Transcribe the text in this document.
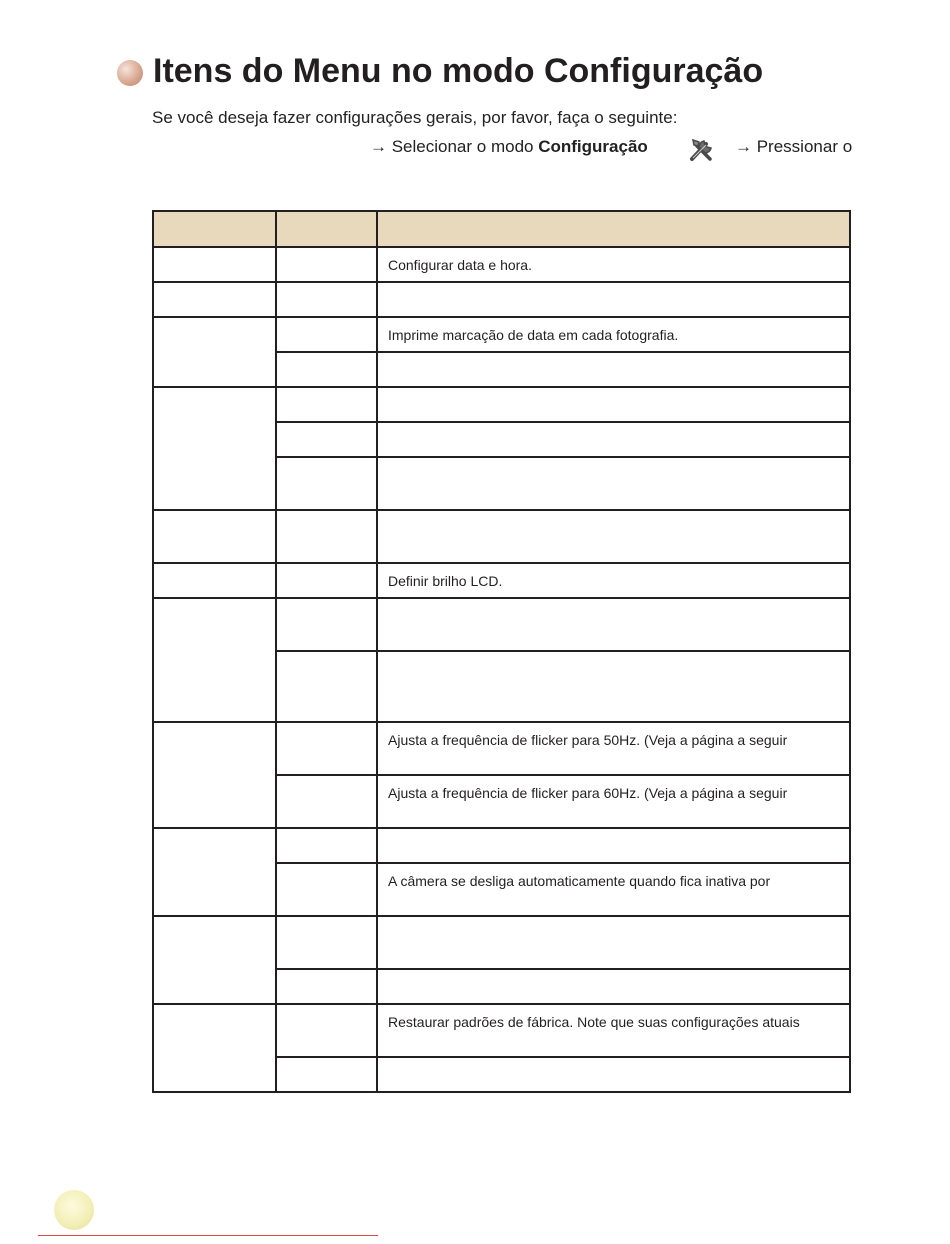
Itens do Menu no modo Configuração
Se você deseja fazer configurações gerais, por favor, faça o seguinte:
→ Selecionar o modo Configuração	→ Pressionar o

		Configurar data e hora.

		Imprime marcação de data em cada fotografia.

		Definir brilho LCD.

		Ajusta a frequência de flicker para 50Hz. (Veja a página a seguir
		Ajusta a frequência de flicker para 60Hz. (Veja a página a seguir

		A câmera se desliga automaticamente quando fica inativa por

		Restaurar padrões de fábrica. Note que suas configurações atuais
